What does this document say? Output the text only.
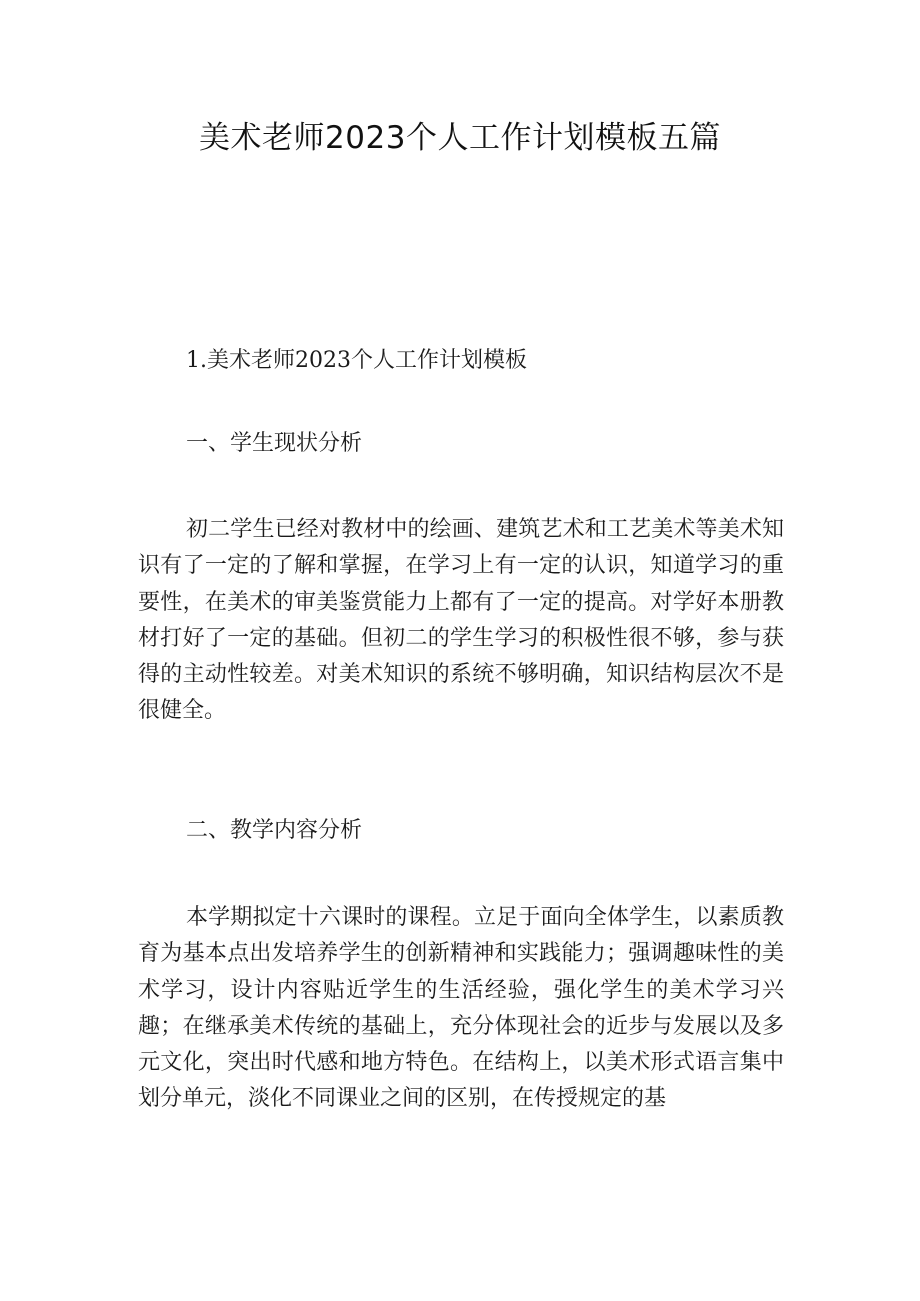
美术老师2023个人工作计划模板五篇
1.美术老师2023个人工作计划模板
一、学生现状分析
初二学生已经对教材中的绘画、建筑艺术和工艺美术等美术知识有了一定的了解和掌握，在学习上有一定的认识，知道学习的重要性，在美术的审美鉴赏能力上都有了一定的提高。对学好本册教材打好了一定的基础。但初二的学生学习的积极性很不够，参与获得的主动性较差。对美术知识的系统不够明确，知识结构层次不是很健全。
二、教学内容分析
本学期拟定十六课时的课程。立足于面向全体学生，以素质教育为基本点出发培养学生的创新精神和实践能力；强调趣味性的美术学习，设计内容贴近学生的生活经验，强化学生的美术学习兴趣；在继承美术传统的基础上，充分体现社会的近步与发展以及多元文化，突出时代感和地方特色。在结构上，以美术形式语言集中划分单元，淡化不同课业之间的区别，在传授规定的基
